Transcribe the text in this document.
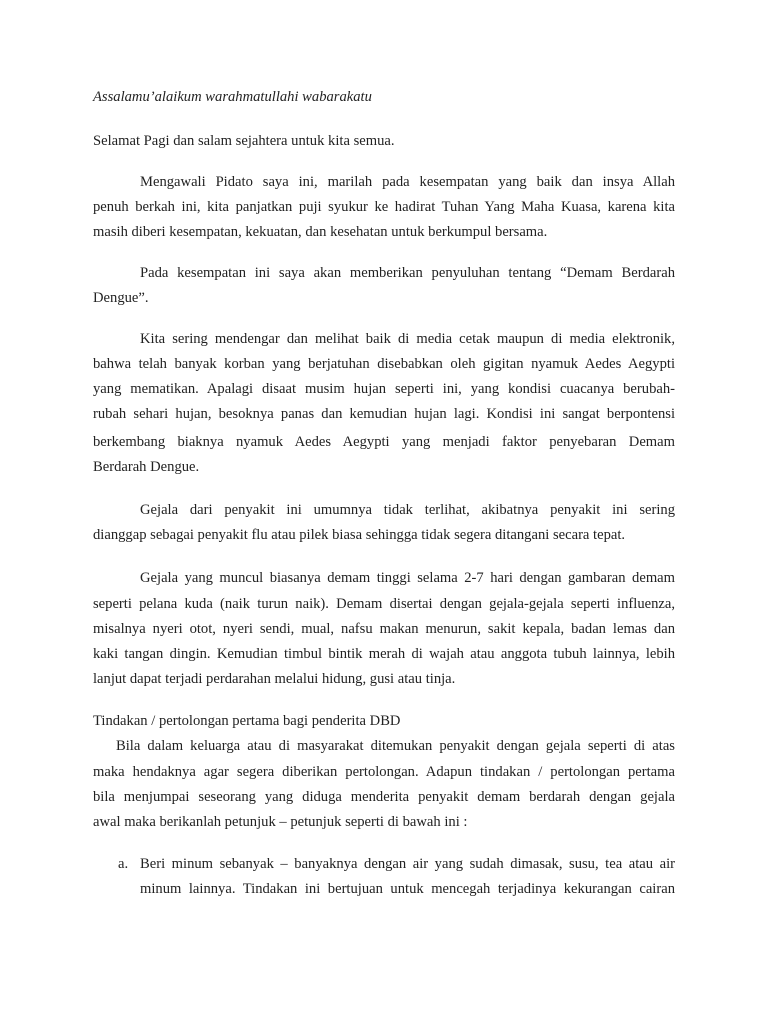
Assalamu’alaikum warahmatullahi wabarakatu
Selamat Pagi dan salam sejahtera untuk kita semua.
Mengawali Pidato saya ini, marilah pada kesempatan yang baik dan insya Allah
penuh berkah ini, kita panjatkan puji syukur ke hadirat Tuhan Yang Maha Kuasa, karena kita
masih diberi kesempatan, kekuatan, dan kesehatan untuk berkumpul bersama.
Pada kesempatan ini saya akan memberikan penyuluhan tentang “Demam Berdarah
Dengue”.
Kita sering mendengar dan melihat baik di media cetak maupun di media elektronik,
bahwa telah banyak korban yang berjatuhan disebabkan oleh gigitan nyamuk Aedes Aegypti
yang mematikan. Apalagi disaat musim hujan seperti ini, yang kondisi cuacanya berubah-
rubah sehari hujan, besoknya panas dan kemudian hujan lagi. Kondisi ini sangat berpontensi
berkembang biaknya nyamuk Aedes Aegypti yang menjadi faktor penyebaran Demam
Berdarah Dengue.
Gejala dari penyakit ini umumnya tidak terlihat, akibatnya penyakit ini sering
dianggap sebagai penyakit flu atau pilek biasa sehingga tidak segera ditangani secara tepat.
Gejala yang muncul biasanya demam tinggi selama 2-7 hari dengan gambaran demam
seperti pelana kuda (naik turun naik). Demam disertai dengan gejala-gejala seperti influenza,
misalnya nyeri otot, nyeri sendi, mual, nafsu makan menurun, sakit kepala, badan lemas dan
kaki tangan dingin. Kemudian timbul bintik merah di wajah atau anggota tubuh lainnya, lebih
lanjut dapat terjadi perdarahan melalui hidung, gusi atau tinja.
Tindakan / pertolongan pertama bagi penderita DBD
Bila dalam keluarga atau di masyarakat ditemukan penyakit dengan gejala seperti di atas
maka hendaknya agar segera diberikan pertolongan. Adapun tindakan / pertolongan pertama
bila menjumpai seseorang yang diduga menderita penyakit demam berdarah dengan gejala
awal maka berikanlah petunjuk – petunjuk seperti di bawah ini :
a. Beri minum sebanyak – banyaknya dengan air yang sudah dimasak, susu, tea atau air
minum lainnya. Tindakan ini bertujuan untuk mencegah terjadinya kekurangan cairan
